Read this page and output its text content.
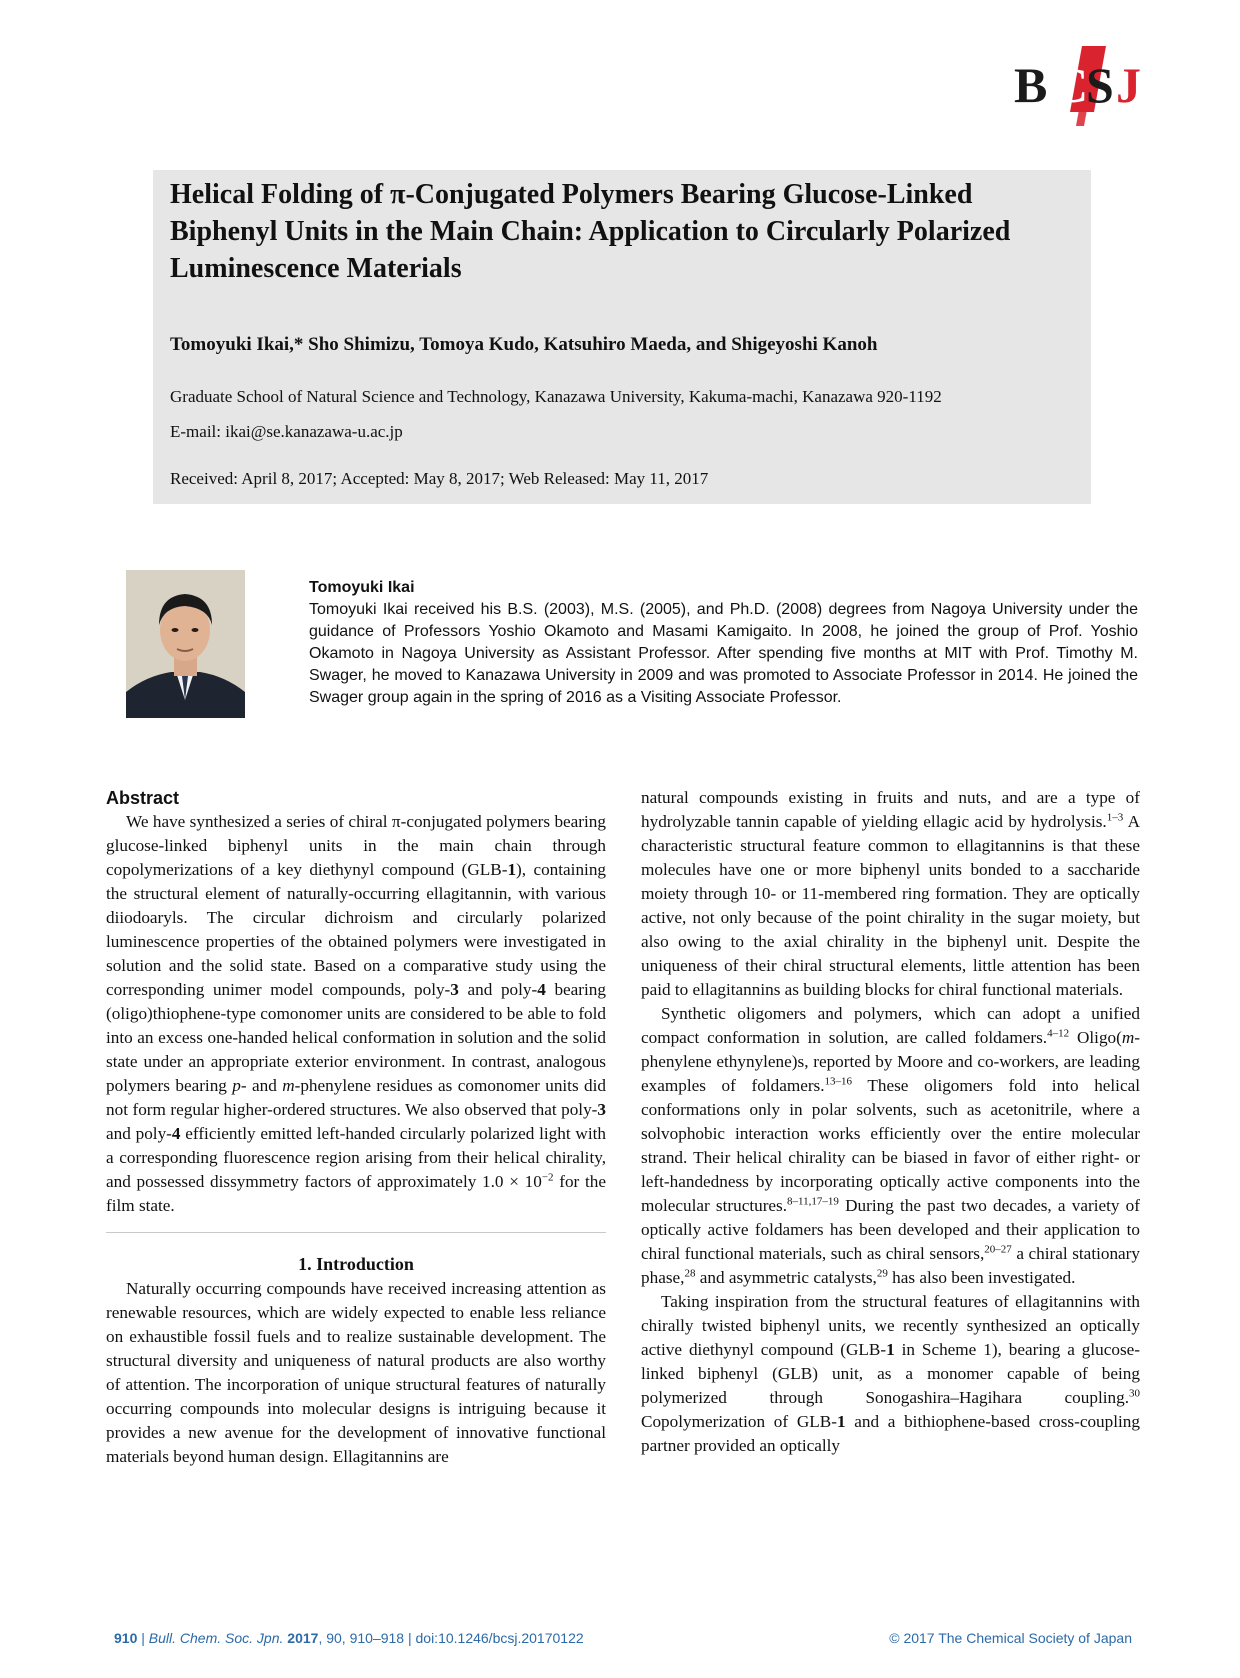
B C
S J
Helical Folding of π-Conjugated Polymers Bearing Glucose-Linked Biphenyl Units in the Main Chain: Application to Circularly Polarized Luminescence Materials
Tomoyuki Ikai,* Sho Shimizu, Tomoya Kudo, Katsuhiro Maeda, and Shigeyoshi Kanoh
Graduate School of Natural Science and Technology, Kanazawa University, Kakuma-machi, Kanazawa 920-1192
E-mail: ikai@se.kanazawa-u.ac.jp
Received: April 8, 2017; Accepted: May 8, 2017; Web Released: May 11, 2017

Tomoyuki Ikai

Tomoyuki Ikai received his B.S. (2003), M.S. (2005), and Ph.D. (2008) degrees from Nagoya University under the guidance of Professors Yoshio Okamoto and Masami Kamigaito. In 2008, he joined the group of Prof. Yoshio Okamoto in Nagoya University as Assistant Professor. After spending five months at MIT with Prof. Timothy M. Swager, he moved to Kanazawa University in 2009 and was promoted to Associate Professor in 2014. He joined the Swager group again in the spring of 2016 as a Visiting Associate Professor.

Abstract

We have synthesized a series of chiral π-conjugated polymers bearing glucose-linked biphenyl units in the main chain through copolymerizations of a key diethynyl compound (GLB-1), containing the structural element of naturally-occurring ellagitannin, with various diiodoaryls. The circular dichroism and circularly polarized luminescence properties of the obtained polymers were investigated in solution and the solid state. Based on a comparative study using the corresponding unimer model compounds, poly-3 and poly-4 bearing (oligo)thiophene-type comonomer units are considered to be able to fold into an excess one-handed helical conformation in solution and the solid state under an appropriate exterior environment. In contrast, analogous polymers bearing p- and m-phenylene residues as comonomer units did not form regular higher-ordered structures. We also observed that poly-3 and poly-4 efficiently emitted left-handed circularly polarized light with a corresponding fluorescence region arising from their helical chirality, and possessed dissymmetry factors of approximately $1.0 \times 10^{-2}$ for the film state.

1. Introduction

Naturally occurring compounds have received increasing attention as renewable resources, which are widely expected to enable less reliance on exhaustible fossil fuels and to realize sustainable development. The structural diversity and uniqueness of natural products are also worthy of attention. The incorporation of unique structural features of naturally occurring compounds into molecular designs is intriguing because it provides a new avenue for the development of innovative functional materials beyond human design. Ellagitannins are

natural compounds existing in fruits and nuts, and are a type of hydrolyzable tannin capable of yielding ellagic acid by hydrolysis.$^{1-3}$ A characteristic structural feature common to ellagitannins is that these molecules have one or more biphenyl units bonded to a saccharide moiety through 10- or 11-membered ring formation. They are optically active, not only because of the point chirality in the sugar moiety, but also owing to the axial chirality in the biphenyl unit. Despite the uniqueness of their chiral structural elements, little attention has been paid to ellagitannins as building blocks for chiral functional materials.

Synthetic oligomers and polymers, which can adopt a unified compact conformation in solution, are called foldamers.$^{4-12}$ Oligo(m-phenylene ethynylene)s, reported by Moore and co-workers, are leading examples of foldamers.$^{13-16}$ These oligomers fold into helical conformations only in polar solvents, such as acetonitrile, where a solvophobic interaction works efficiently over the entire molecular strand. Their helical chirality can be biased in favor of either right- or left-handedness by incorporating optically active components into the molecular structures.$^{8-11,17-19}$ During the past two decades, a variety of optically active foldamers has been developed and their application to chiral functional materials, such as chiral sensors,$^{20-27}$ a chiral stationary phase,$^{28}$ and asymmetric catalysts,$^{29}$ has also been investigated.

Taking inspiration from the structural features of ellagitannins with chirally twisted biphenyl units, we recently synthesized an optically active diethynyl compound (GLB-1 in Scheme 1), bearing a glucose-linked biphenyl (GLB) unit, as a monomer capable of being polymerized through Sonogashira–Hagihara coupling.$^{30}$ Copolymerization of GLB-1 and a bithiophene-based cross-coupling partner provided an optically

910 | Bull. Chem. Soc. Jpn. 2017, 90, 910–918 | doi:10.1246/bcsj.20170122	© 2017 The Chemical Society of Japan
